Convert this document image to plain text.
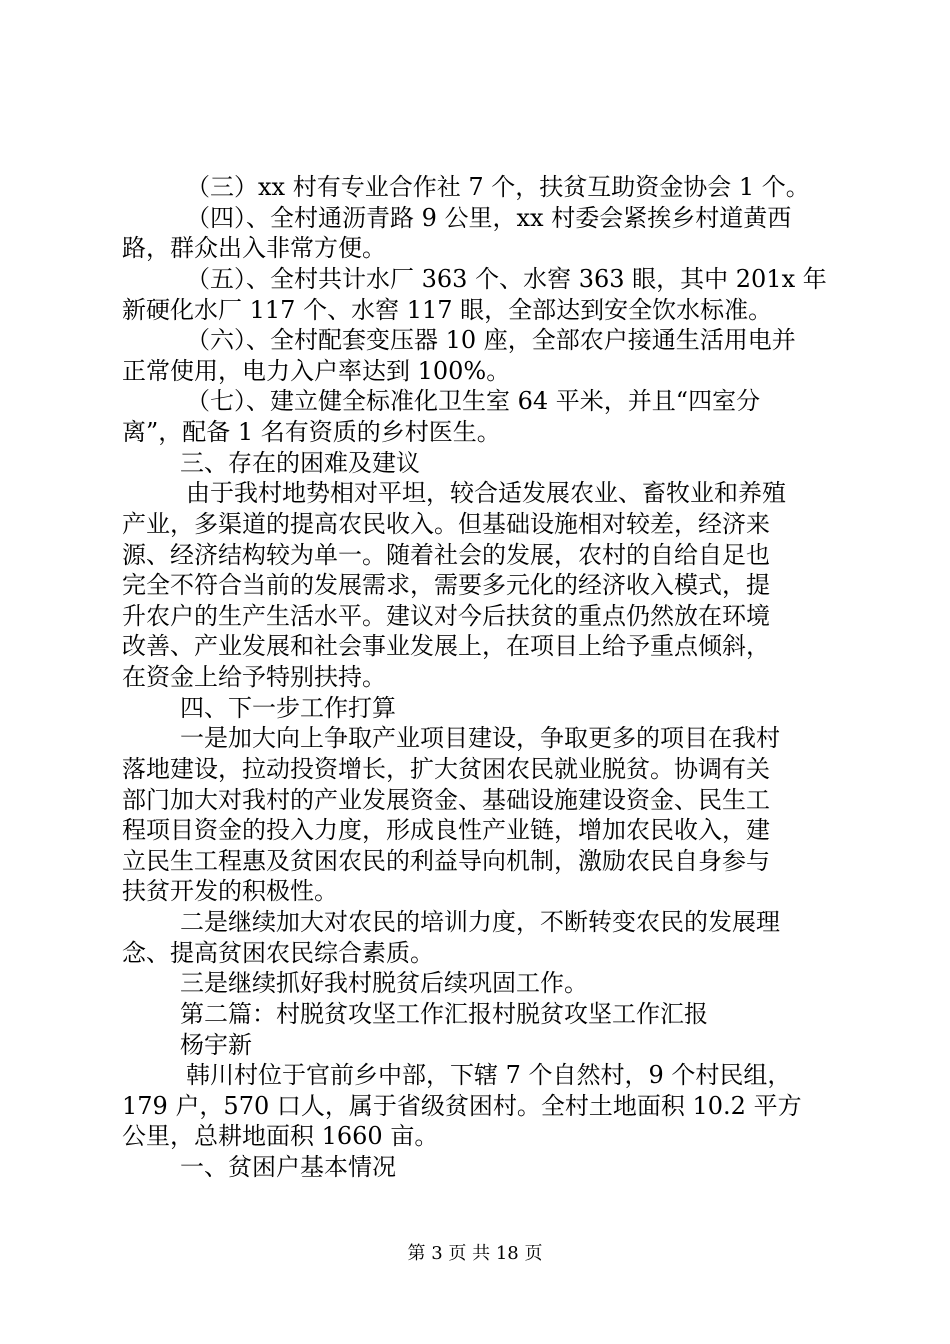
（三）xx 村有专业合作社 7 个，扶贫互助资金协会 1 个。
（四）、全村通沥青路 9 公里，xx 村委会紧挨乡村道黄西
路，群众出入非常方便。
（五）、全村共计水厂 363 个、水窖 363 眼，其中 201x 年
新硬化水厂 117 个、水窖 117 眼，全部达到安全饮水标准。
（六）、全村配套变压器 10 座，全部农户接通生活用电并
正常使用，电力入户率达到 100%。
（七）、建立健全标准化卫生室 64 平米，并且“四室分
离”，配备 1 名有资质的乡村医生。
三、存在的困难及建议
由于我村地势相对平坦，较合适发展农业、畜牧业和养殖
产业，多渠道的提高农民收入。但基础设施相对较差，经济来
源、经济结构较为单一。随着社会的发展，农村的自给自足也
完全不符合当前的发展需求，需要多元化的经济收入模式，提
升农户的生产生活水平。建议对今后扶贫的重点仍然放在环境
改善、产业发展和社会事业发展上，在项目上给予重点倾斜，
在资金上给予特别扶持。
四、下一步工作打算
一是加大向上争取产业项目建设，争取更多的项目在我村
落地建设，拉动投资增长，扩大贫困农民就业脱贫。协调有关
部门加大对我村的产业发展资金、基础设施建设资金、民生工
程项目资金的投入力度，形成良性产业链，增加农民收入，建
立民生工程惠及贫困农民的利益导向机制，激励农民自身参与
扶贫开发的积极性。
二是继续加大对农民的培训力度，不断转变农民的发展理
念、提高贫困农民综合素质。
三是继续抓好我村脱贫后续巩固工作。
第二篇：村脱贫攻坚工作汇报村脱贫攻坚工作汇报
杨宇新
韩川村位于官前乡中部，下辖 7 个自然村，9 个村民组，
179 户，570 口人，属于省级贫困村。全村土地面积 10.2 平方
公里，总耕地面积 1660 亩。
一、贫困户基本情况
第 3 页 共 18 页
